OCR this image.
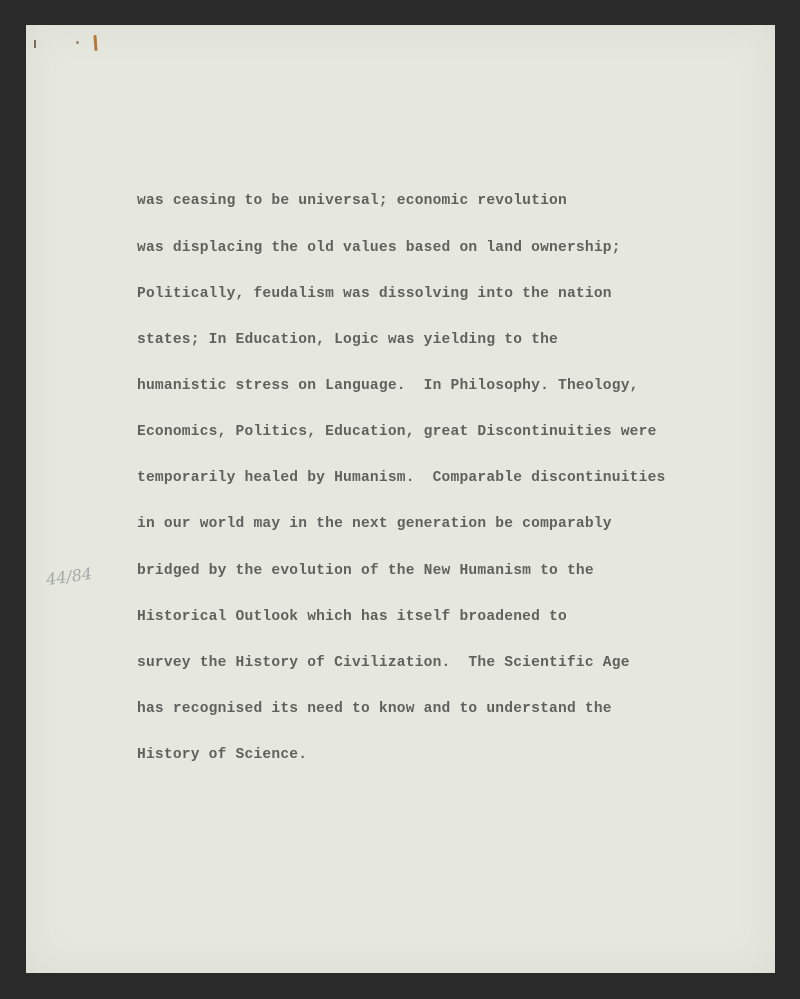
was ceasing to be universal; economic revolution

was displacing the old values based on land ownership;

Politically, feudalism was dissolving into the nation

states; In Education, Logic was yielding to the

humanistic stress on Language.  In Philosophy. Theology,

Economics, Politics, Education, great Discontinuities were

temporarily healed by Humanism.  Comparable discontinuities

in our world may in the next generation be comparably

bridged by the evolution of the New Humanism to the

Historical Outlook which has itself broadened to

survey the History of Civilization.  The Scientific Age

has recognised its need to know and to understand the

History of Science.

44/84
